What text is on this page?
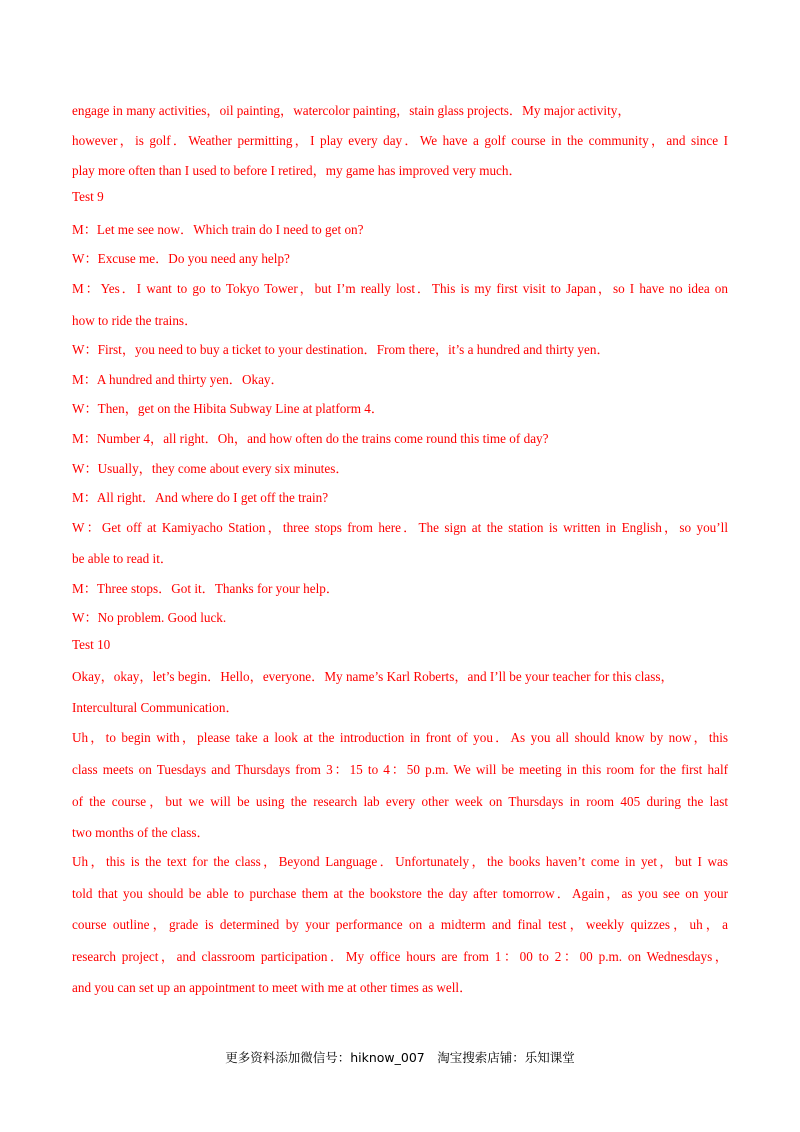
engage in many activities，oil painting，watercolor painting，stain glass projects．My major activity，
however，is golf．Weather permitting，I play every day．We have a golf course in the community，and since I
play more often than I used to before I retired，my game has improved very much．
Test 9
M：Let me see now．Which train do I need to get on?
W：Excuse me．Do you need any help?
M：Yes．I want to go to Tokyo Tower，but I’m really lost．This is my first visit to Japan，so I have no idea on
how to ride the trains．
W：First，you need to buy a ticket to your destination．From there，it’s a hundred and thirty yen．
M：A hundred and thirty yen．Okay．
W：Then，get on the Hibita Subway Line at platform 4．
M：Number 4，all right．Oh，and how often do the trains come round this time of day?
W：Usually，they come about every six minutes．
M：All right．And where do I get off the train?
W：Get off at Kamiyacho Station，three stops from here．The sign at the station is written in English，so you’ll
be able to read it．
M：Three stops．Got it．Thanks for your help．
W：No problem. Good luck.
Test 10
Okay，okay，let’s begin．Hello，everyone．My name’s Karl Roberts，and I’ll be your teacher for this class，
Intercultural Communication．
Uh，to begin with，please take a look at the introduction in front of you．As you all should know by now，this
class meets on Tuesdays and Thursdays from 3：15 to 4：50 p.m. We will be meeting in this room for the first half
of the course，but we will be using the research lab every other week on Thursdays in room 405 during the last
two months of the class．
Uh，this is the text for the class，Beyond Language．Unfortunately，the books haven’t come in yet，but I was
told that you should be able to purchase them at the bookstore the day after tomorrow．Again，as you see on your
course outline，grade is determined by your performance on a midterm and final test，weekly quizzes，uh，a
research project，and classroom participation．My office hours are from 1：00 to 2：00 p.m. on Wednesdays，
and you can set up an appointment to meet with me at other times as well．
更多资料添加微信号：hiknow_007　淘宝搜索店铺：乐知课堂
